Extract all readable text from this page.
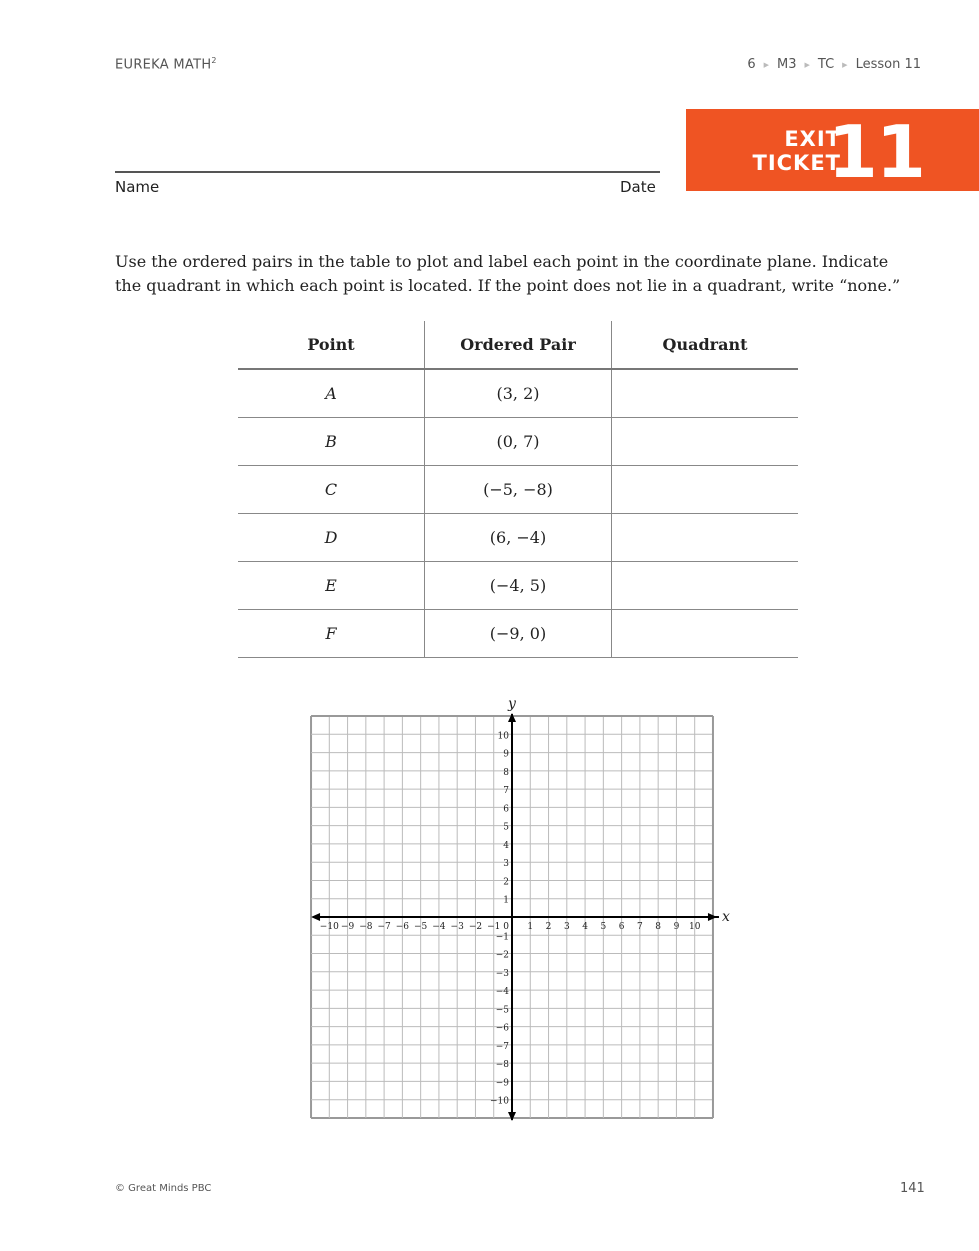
EUREKA MATH$^2$	6 ▶ M3 ▶ TC ▶ Lesson 11
EXIT
TICKET
11
Name	Date
Use the ordered pairs in the table to plot and label each point in the coordinate plane. Indicate the quadrant in which each point is located. If the point does not lie in a quadrant, write “none.”
Point	Ordered Pair	Quadrant
A	(3, 2)	
B	(0, 7)	
C	(−5, −8)	
D	(6, −4)	
E	(−4, 5)	
F	(−9, 0)	
−10
−10
−9
−9
−8
−8
−7
−7
−6
−6
−5
−5
−4
−4
−3
−3
−2
−2
−1
−1
0 1
1
2
2
3
3
4
4
5
5
6
6
7
7
8
8
9
9
10
10
x
y
© Great Minds PBC	141
